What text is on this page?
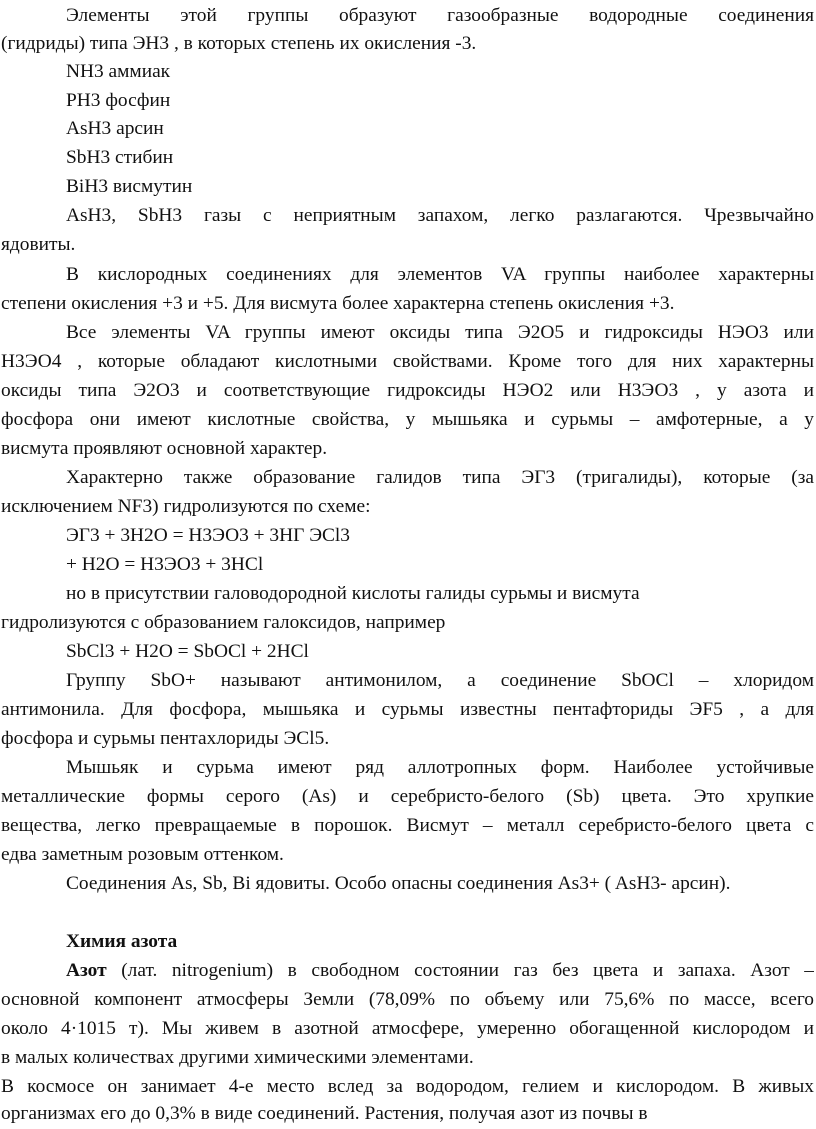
Элементы этой группы образуют газообразные водородные соединения
(гидриды) типа ЭН3 , в которых степень их окисления -3.
NH3 аммиак
PH3 фосфин
AsH3 арсин
SbH3 стибин
BiH3 висмутин
AsH3, SbH3 газы с неприятным запахом, легко разлагаются. Чрезвычайно
ядовиты.
В кислородных соединениях для элементов VA группы наиболее характерны
степени окисления +3 и +5. Для висмута более характерна степень окисления +3.
Все элементы VA группы имеют оксиды типа Э2О5 и гидроксиды НЭО3 или
Н3ЭО4 , которые обладают кислотными свойствами. Кроме того для них характерны
оксиды типа Э2О3 и соответствующие гидроксиды НЭО2 или Н3ЭО3 , у азота и
фосфора они имеют кислотные свойства, у мышьяка и сурьмы – амфотерные, а у
висмута проявляют основной характер.
Характерно также образование галидов типа ЭГ3 (тригалиды), которые (за
исключением NF3) гидролизуются по схеме:
ЭГ3 + 3Н2О = Н3ЭО3 + 3НГ ЭCl3
+ H2O = H3ЭО3 + 3HCl
но в присутствии галоводородной кислоты галиды сурьмы и висмута
гидролизуются с образованием галоксидов, например
SbCl3 + H2O = SbOCl + 2HCl
Группу SbO+ называют антимонилом, а соединение SbOCl – хлоридом
антимонила. Для фосфора, мышьяка и сурьмы известны пентафториды ЭF5 , а для
фосфора и сурьмы пентахлориды ЭCl5.
Мышьяк и сурьма имеют ряд аллотропных форм. Наиболее устойчивые
металлические формы серого (As) и серебристо-белого (Sb) цвета. Это хрупкие
вещества, легко превращаемые в порошок. Висмут – металл серебристо-белого цвета с
едва заметным розовым оттенком.
Соединения As, Sb, Bi ядовиты. Особо опасны соединения As3+ ( AsH3- арсин).
Химия азота
Азот (лат. nitrogenium) в свободном состоянии газ без цвета и запаха. Азот –
основной компонент атмосферы Земли (78,09% по объему или 75,6% по массе, всего
около 4·1015 т). Мы живем в азотной атмосфере, умеренно обогащенной кислородом и
в малых количествах другими химическими элементами.
В космосе он занимает 4-е место вслед за водородом, гелием и кислородом. В живых
организмах его до 0,3% в виде соединений. Растения, получая азот из почвы в
